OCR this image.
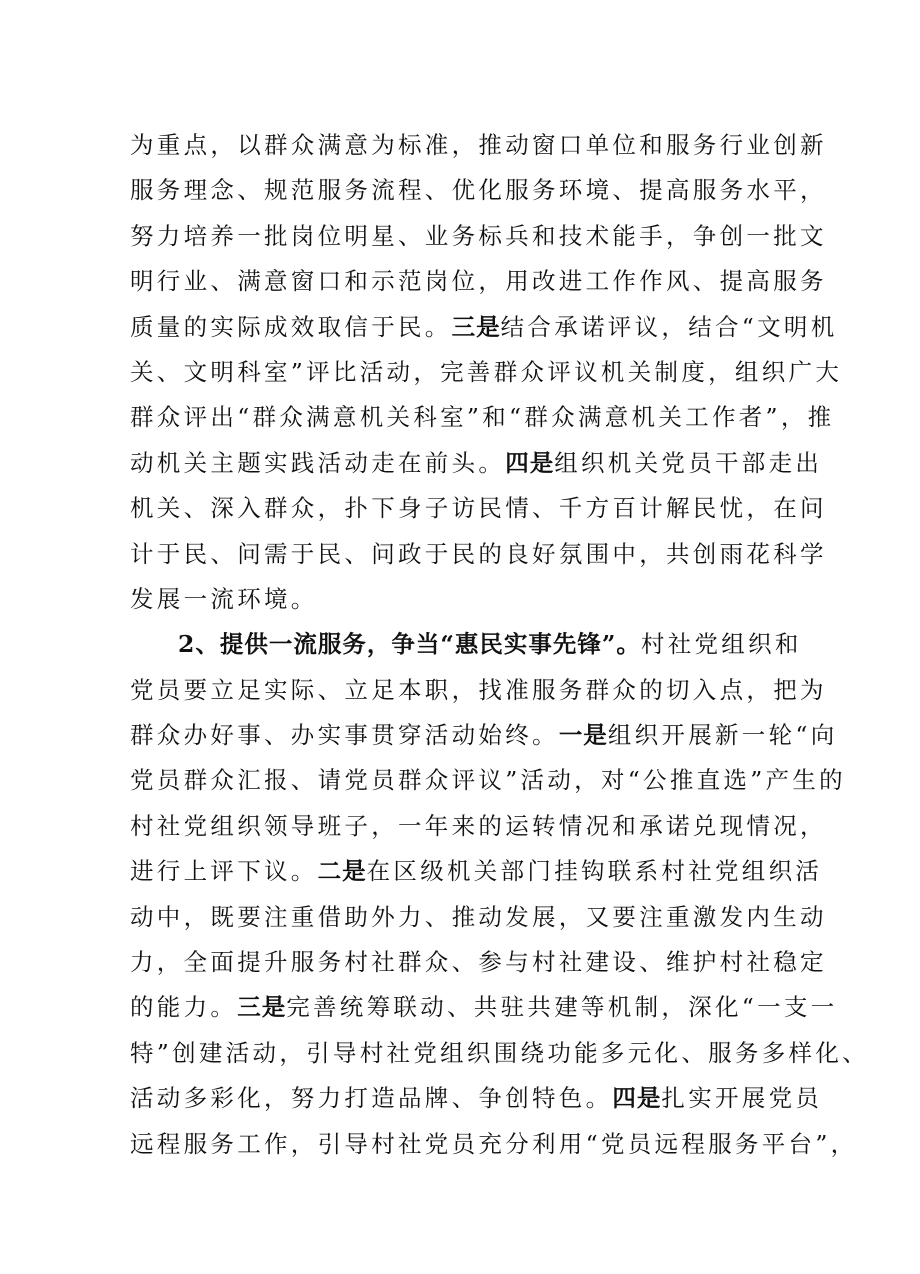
为重点，以群众满意为标准，推动窗口单位和服务行业创新
服务理念、规范服务流程、优化服务环境、提高服务水平，
努力培养一批岗位明星、业务标兵和技术能手，争创一批文
明行业、满意窗口和示范岗位，用改进工作作风、提高服务
质量的实际成效取信于民。三是结合承诺评议，结合“文明机
关、文明科室”评比活动，完善群众评议机关制度，组织广大
群众评出“群众满意机关科室”和“群众满意机关工作者”，推
动机关主题实践活动走在前头。四是组织机关党员干部走出
机关、深入群众，扑下身子访民情、千方百计解民忧，在问
计于民、问需于民、问政于民的良好氛围中，共创雨花科学
发展一流环境。
2、提供一流服务，争当“惠民实事先锋”。村社党组织和
党员要立足实际、立足本职，找准服务群众的切入点，把为
群众办好事、办实事贯穿活动始终。一是组织开展新一轮“向
党员群众汇报、请党员群众评议”活动，对“公推直选”产生的
村社党组织领导班子，一年来的运转情况和承诺兑现情况，
进行上评下议。二是在区级机关部门挂钩联系村社党组织活
动中，既要注重借助外力、推动发展，又要注重激发内生动
力，全面提升服务村社群众、参与村社建设、维护村社稳定
的能力。三是完善统筹联动、共驻共建等机制，深化“一支一
特”创建活动，引导村社党组织围绕功能多元化、服务多样化、
活动多彩化，努力打造品牌、争创特色。四是扎实开展党员
远程服务工作，引导村社党员充分利用“党员远程服务平台”，
